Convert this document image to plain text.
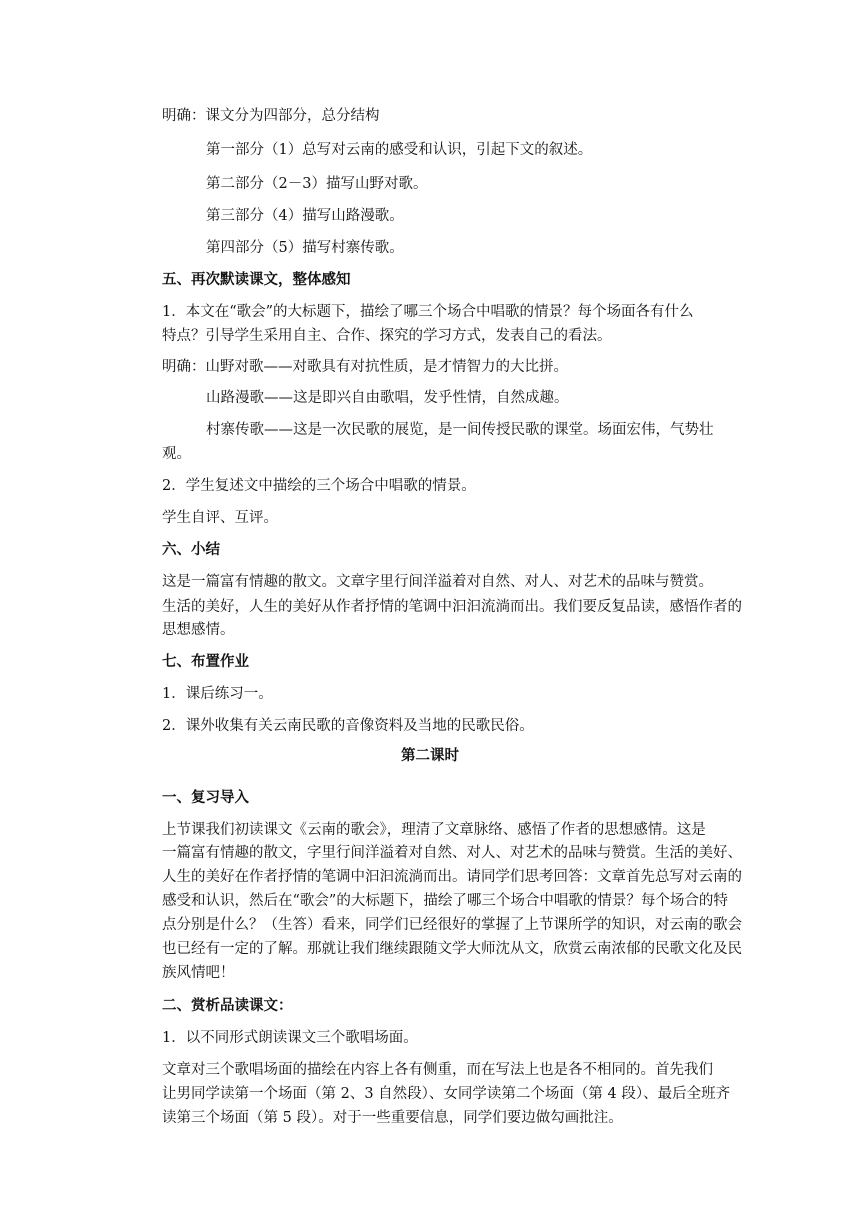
明确：课文分为四部分，总分结构
第一部分（1）总写对云南的感受和认识，引起下文的叙述。
第二部分（2－3）描写山野对歌。
第三部分（4）描写山路漫歌。
第四部分（5）描写村寨传歌。
五、再次默读课文，整体感知
1．本文在“歌会”的大标题下，描绘了哪三个场合中唱歌的情景？每个场面各有什么
特点？引导学生采用自主、合作、探究的学习方式，发表自己的看法。
明确：山野对歌——对歌具有对抗性质，是才情智力的大比拼。
山路漫歌——这是即兴自由歌唱，发乎性情，自然成趣。
村寨传歌——这是一次民歌的展览，是一间传授民歌的课堂。场面宏伟，气势壮
观。
2．学生复述文中描绘的三个场合中唱歌的情景。
学生自评、互评。
六、小结
这是一篇富有情趣的散文。文章字里行间洋溢着对自然、对人、对艺术的品味与赞赏。
生活的美好，人生的美好从作者抒情的笔调中汩汩流淌而出。我们要反复品读，感悟作者的
思想感情。
七、布置作业
1．课后练习一。
2．课外收集有关云南民歌的音像资料及当地的民歌民俗。
第二课时
一、复习导入
上节课我们初读课文《云南的歌会》，理清了文章脉络、感悟了作者的思想感情。这是
一篇富有情趣的散文，字里行间洋溢着对自然、对人、对艺术的品味与赞赏。生活的美好、
人生的美好在作者抒情的笔调中汩汩流淌而出。请同学们思考回答：文章首先总写对云南的
感受和认识，然后在“歌会”的大标题下，描绘了哪三个场合中唱歌的情景？每个场合的特
点分别是什么？（生答）看来，同学们已经很好的掌握了上节课所学的知识，对云南的歌会
也已经有一定的了解。那就让我们继续跟随文学大师沈从文，欣赏云南浓郁的民歌文化及民
族风情吧！
二、赏析品读课文：
1．以不同形式朗读课文三个歌唱场面。
文章对三个歌唱场面的描绘在内容上各有侧重，而在写法上也是各不相同的。首先我们
让男同学读第一个场面（第 2、3 自然段）、女同学读第二个场面（第 4 段）、最后全班齐
读第三个场面（第 5 段）。对于一些重要信息，同学们要边做勾画批注。
